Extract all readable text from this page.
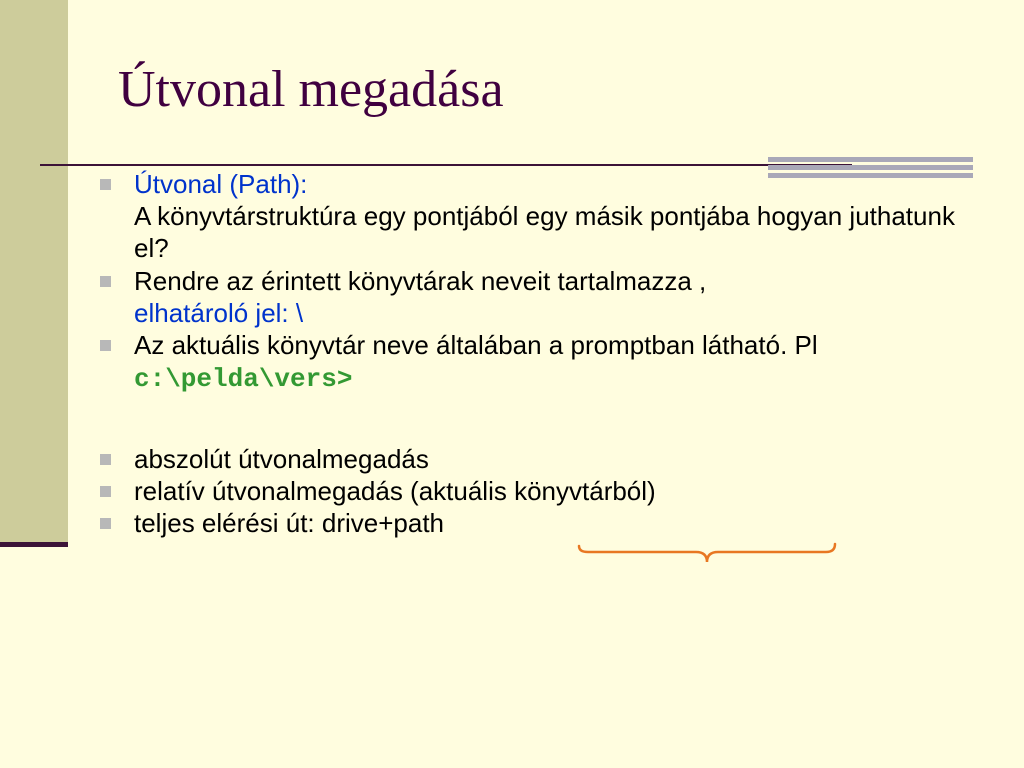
Útvonal megadása
Útvonal (Path):
A könyvtárstruktúra egy pontjából egy másik pontjába hogyan juthatunk el?
Rendre az érintett könyvtárak neveit tartalmazza ,
elhatároló jel: \
Az aktuális könyvtár neve általában a promptban látható. Pl c:\pelda\vers>
abszolút útvonalmegadás
relatív útvonalmegadás (aktuális könyvtárból)
teljes elérési út: drive+path
